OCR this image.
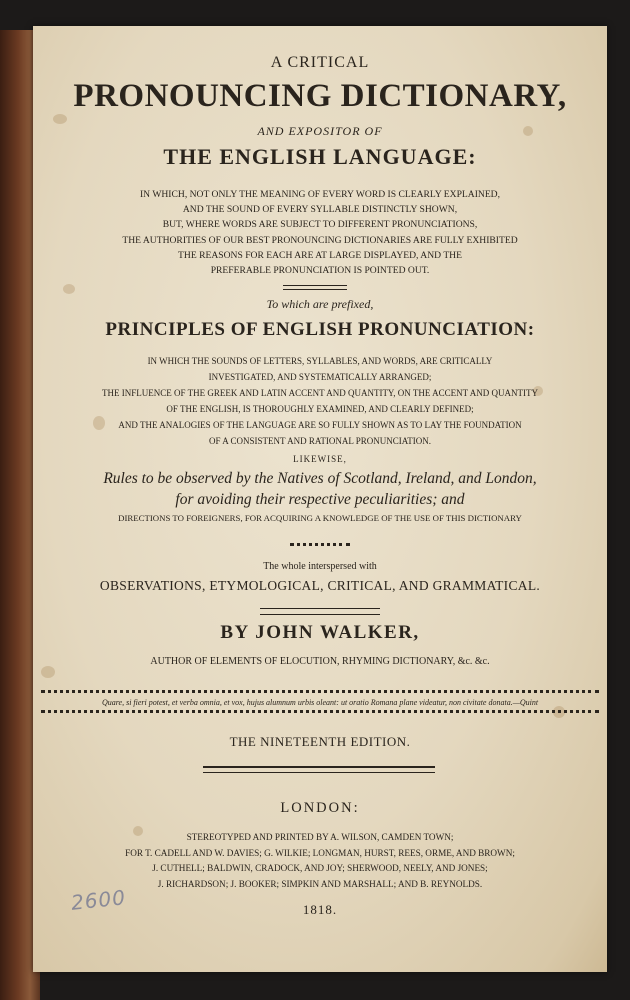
A CRITICAL
PRONOUNCING DICTIONARY,
AND EXPOSITOR OF
THE ENGLISH LANGUAGE:
IN WHICH, NOT ONLY THE MEANING OF EVERY WORD IS CLEARLY EXPLAINED,
AND THE SOUND OF EVERY SYLLABLE DISTINCTLY SHOWN,
BUT, WHERE WORDS ARE SUBJECT TO DIFFERENT PRONUNCIATIONS,
THE AUTHORITIES OF OUR BEST PRONOUNCING DICTIONARIES ARE FULLY EXHIBITED
THE REASONS FOR EACH ARE AT LARGE DISPLAYED, AND THE
PREFERABLE PRONUNCIATION IS POINTED OUT.
To which are prefixed,
PRINCIPLES OF ENGLISH PRONUNCIATION:
IN WHICH THE SOUNDS OF LETTERS, SYLLABLES, AND WORDS, ARE CRITICALLY
INVESTIGATED, AND SYSTEMATICALLY ARRANGED;
THE INFLUENCE OF THE GREEK AND LATIN ACCENT AND QUANTITY, ON THE ACCENT AND QUANTITY
OF THE ENGLISH, IS THOROUGHLY EXAMINED, AND CLEARLY DEFINED;
AND THE ANALOGIES OF THE LANGUAGE ARE SO FULLY SHOWN AS TO LAY THE FOUNDATION
OF A CONSISTENT AND RATIONAL PRONUNCIATION.
LIKEWISE,
Rules to be observed by the Natives of Scotland, Ireland, and London,
for avoiding their respective peculiarities; and
DIRECTIONS TO FOREIGNERS, FOR ACQUIRING A KNOWLEDGE OF THE USE OF THIS DICTIONARY
The whole interspersed with
OBSERVATIONS, ETYMOLOGICAL, CRITICAL, AND GRAMMATICAL.
BY JOHN WALKER,
AUTHOR OF ELEMENTS OF ELOCUTION, RHYMING DICTIONARY, &c. &c.
Quare, si fieri potest, et verba omnia, et vox, hujus alumnum urbis oleant: ut oratio Romana plane videatur, non civitate donata.—Quint
THE NINETEENTH EDITION.
LONDON:
STEREOTYPED AND PRINTED BY A. WILSON, CAMDEN TOWN;
FOR T. CADELL AND W. DAVIES; G. WILKIE; LONGMAN, HURST, REES, ORME, AND BROWN;
J. CUTHELL; BALDWIN, CRADOCK, AND JOY; SHERWOOD, NEELY, AND JONES;
J. RICHARDSON; J. BOOKER; SIMPKIN AND MARSHALL; AND B. REYNOLDS.
1818.
2600
